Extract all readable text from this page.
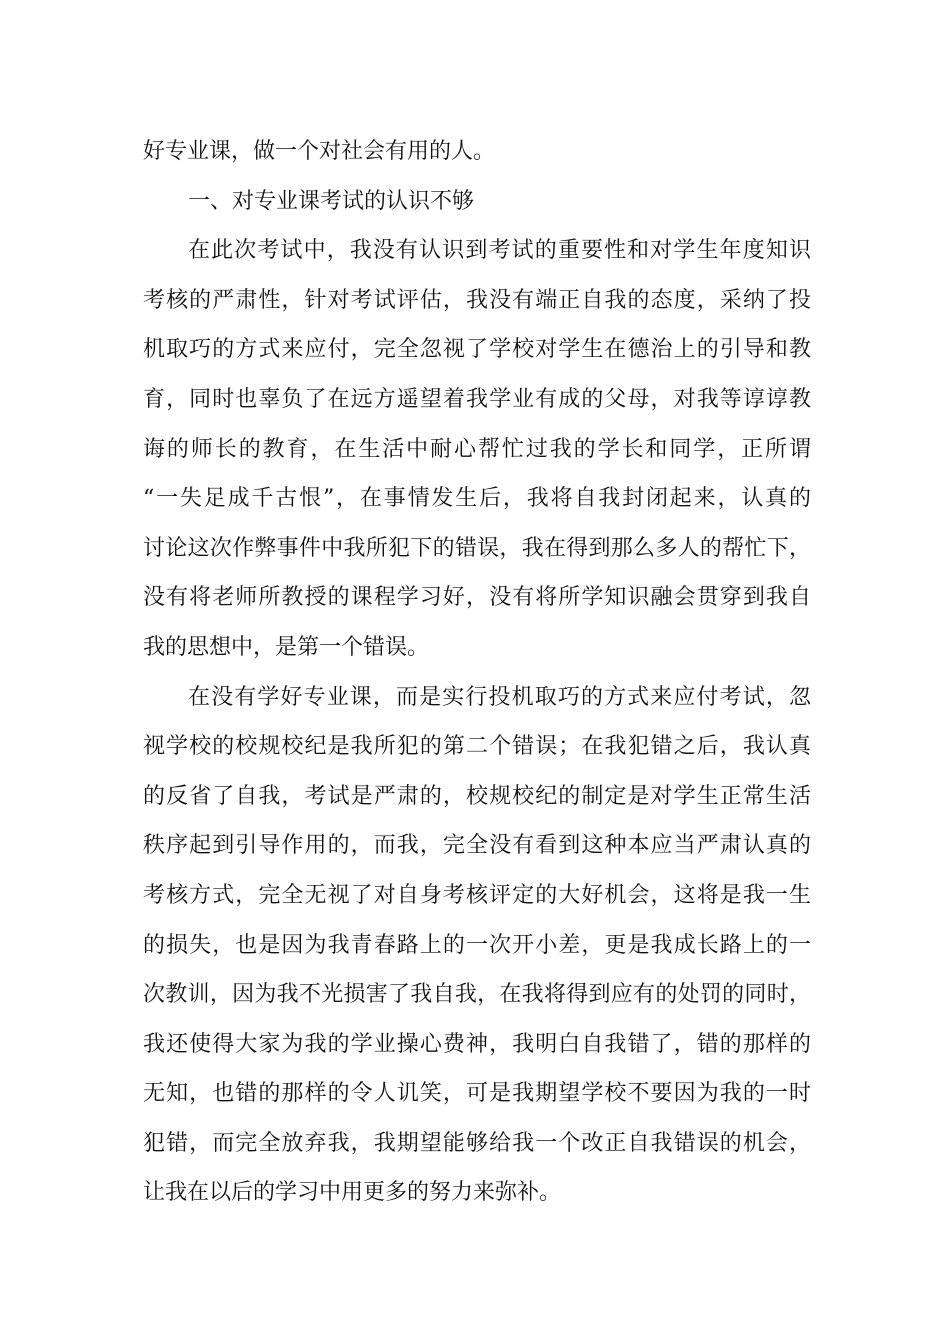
好专业课，做一个对社会有用的人。
一、对专业课考试的认识不够
在此次考试中，我没有认识到考试的重要性和对学生年度知识
考核的严肃性，针对考试评估，我没有端正自我的态度，采纳了投
机取巧的方式来应付，完全忽视了学校对学生在德治上的引导和教
育，同时也辜负了在远方遥望着我学业有成的父母，对我等谆谆教
诲的师长的教育，在生活中耐心帮忙过我的学长和同学，正所谓
“一失足成千古恨”，在事情发生后，我将自我封闭起来，认真的
讨论这次作弊事件中我所犯下的错误，我在得到那么多人的帮忙下，
没有将老师所教授的课程学习好，没有将所学知识融会贯穿到我自
我的思想中，是第一个错误。
在没有学好专业课，而是实行投机取巧的方式来应付考试，忽
视学校的校规校纪是我所犯的第二个错误；在我犯错之后，我认真
的反省了自我，考试是严肃的，校规校纪的制定是对学生正常生活
秩序起到引导作用的，而我，完全没有看到这种本应当严肃认真的
考核方式，完全无视了对自身考核评定的大好机会，这将是我一生
的损失，也是因为我青春路上的一次开小差，更是我成长路上的一
次教训，因为我不光损害了我自我，在我将得到应有的处罚的同时，
我还使得大家为我的学业操心费神，我明白自我错了，错的那样的
无知，也错的那样的令人讥笑，可是我期望学校不要因为我的一时
犯错，而完全放弃我，我期望能够给我一个改正自我错误的机会，
让我在以后的学习中用更多的努力来弥补。
